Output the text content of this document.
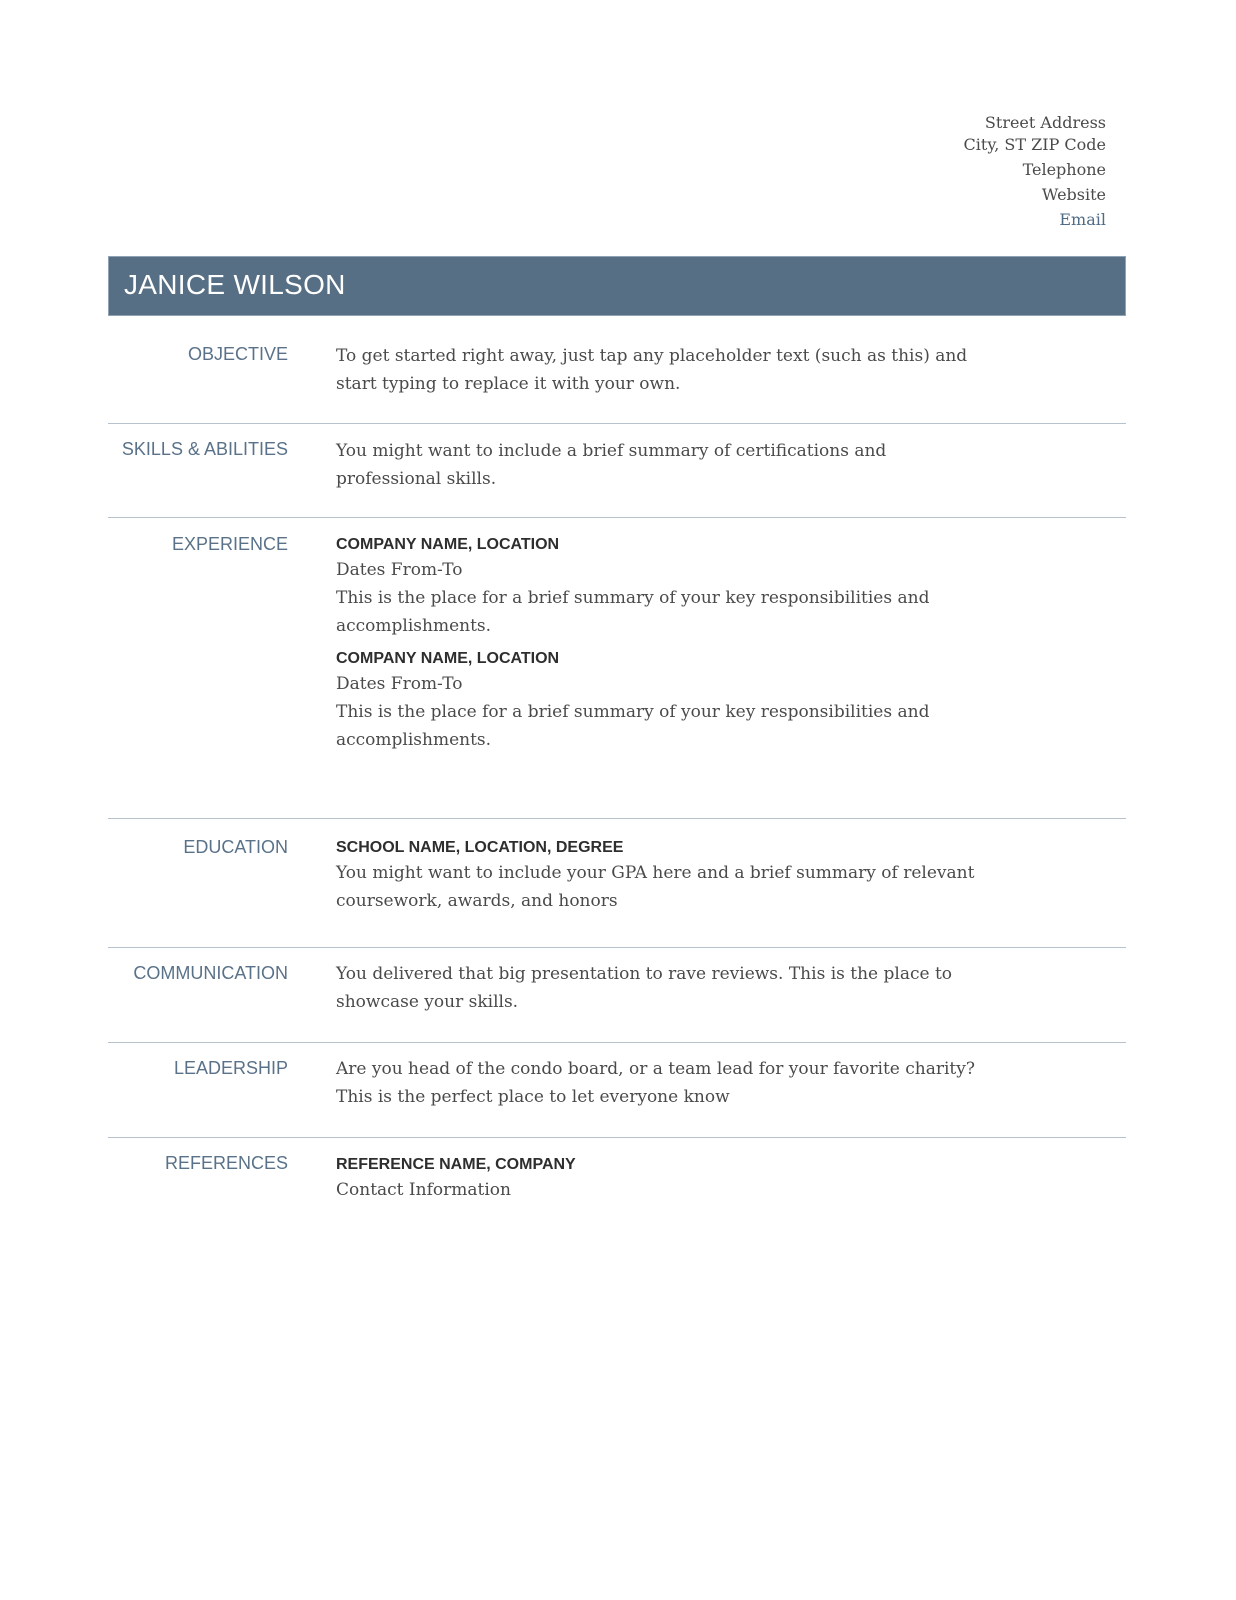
Street Address
City, ST ZIP Code
Telephone
Website
Email
JANICE WILSON
OBJECTIVE	To get started right away, just tap any placeholder text (such as this) and start typing to replace it with your own.

SKILLS & ABILITIES	You might want to include a brief summary of certifications and professional skills.

EXPERIENCE	COMPANY NAME, LOCATION

Dates From-To

This is the place for a brief summary of your key responsibilities and accomplishments.

COMPANY NAME, LOCATION

Dates From-To

This is the place for a brief summary of your key responsibilities and accomplishments.

EDUCATION	SCHOOL NAME, LOCATION, DEGREE

You might want to include your GPA here and a brief summary of relevant coursework, awards, and honors

COMMUNICATION	You delivered that big presentation to rave reviews. This is the place to showcase your skills.

LEADERSHIP	Are you head of the condo board, or a team lead for your favorite charity? This is the perfect place to let everyone know

REFERENCES	REFERENCE NAME, COMPANY

Contact Information
